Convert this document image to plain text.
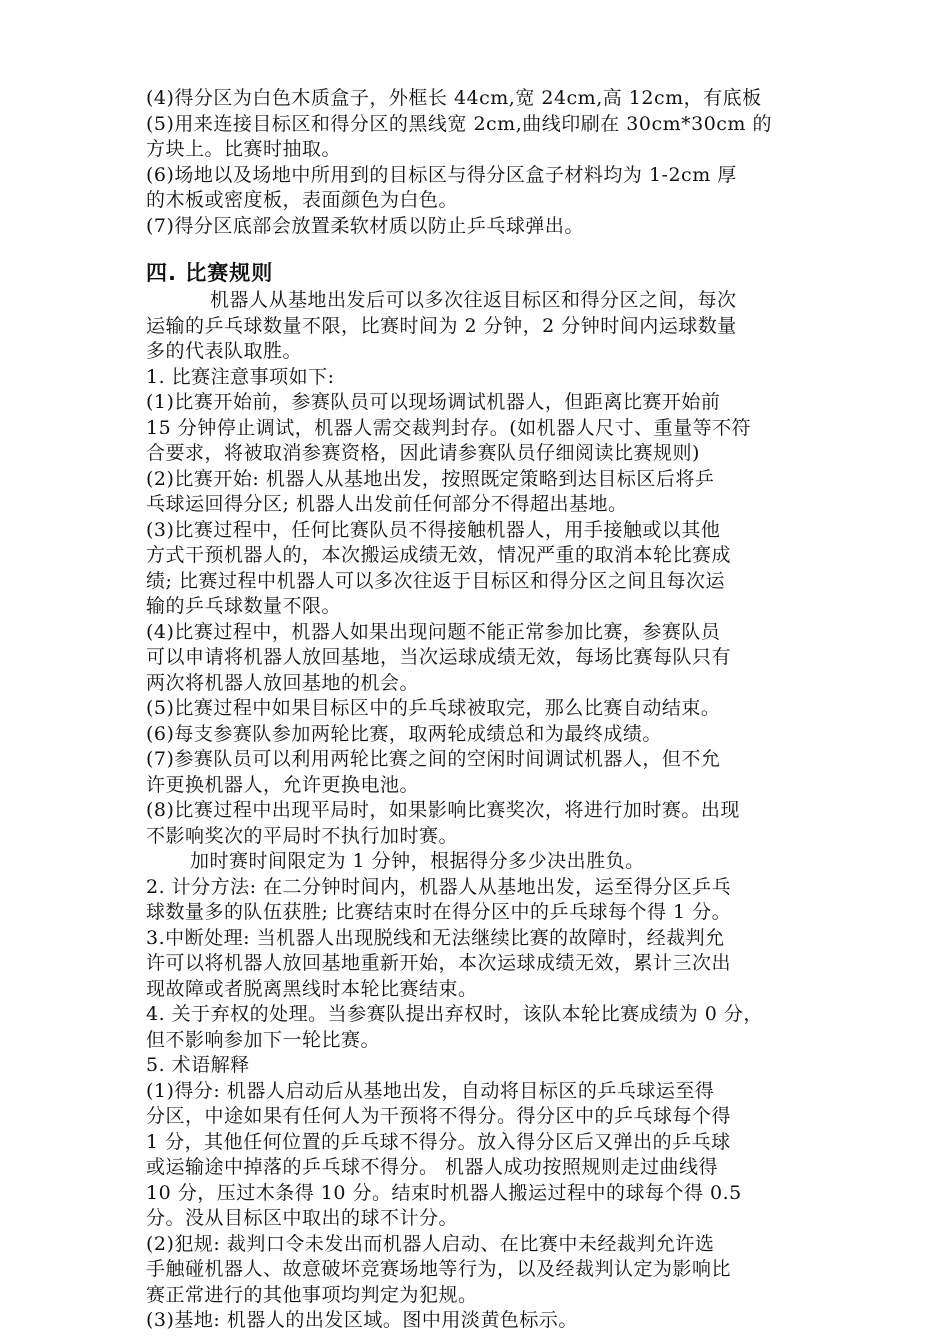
(4)得分区为白色木质盒子，外框长 44cm,宽 24cm,高 12cm，有底板
(5)用来连接目标区和得分区的黑线宽 2cm,曲线印刷在 30cm*30cm 的
方块上。比赛时抽取。
(6)场地以及场地中所用到的目标区与得分区盒子材料均为 1-2cm 厚
的木板或密度板，表面颜色为白色。
(7)得分区底部会放置柔软材质以防止乒乓球弹出。
四. 比赛规则
机器人从基地出发后可以多次往返目标区和得分区之间，每次
运输的乒乓球数量不限，比赛时间为 2 分钟，2 分钟时间内运球数量
多的代表队取胜。
1. 比赛注意事项如下:
(1)比赛开始前，参赛队员可以现场调试机器人，但距离比赛开始前
15 分钟停止调试，机器人需交裁判封存。(如机器人尺寸、重量等不符
合要求，将被取消参赛资格，因此请参赛队员仔细阅读比赛规则)
(2)比赛开始: 机器人从基地出发，按照既定策略到达目标区后将乒
乓球运回得分区; 机器人出发前任何部分不得超出基地。
(3)比赛过程中，任何比赛队员不得接触机器人，用手接触或以其他
方式干预机器人的，本次搬运成绩无效，情况严重的取消本轮比赛成
绩; 比赛过程中机器人可以多次往返于目标区和得分区之间且每次运
输的乒乓球数量不限。
(4)比赛过程中，机器人如果出现问题不能正常参加比赛，参赛队员
可以申请将机器人放回基地，当次运球成绩无效，每场比赛每队只有
两次将机器人放回基地的机会。
(5)比赛过程中如果目标区中的乒乓球被取完，那么比赛自动结束。
(6)每支参赛队参加两轮比赛，取两轮成绩总和为最终成绩。
(7)参赛队员可以利用两轮比赛之间的空闲时间调试机器人，但不允
许更换机器人，允许更换电池。
(8)比赛过程中出现平局时，如果影响比赛奖次，将进行加时赛。出现
不影响奖次的平局时不执行加时赛。
加时赛时间限定为 1 分钟，根据得分多少决出胜负。
2. 计分方法: 在二分钟时间内，机器人从基地出发，运至得分区乒乓
球数量多的队伍获胜; 比赛结束时在得分区中的乒乓球每个得 1 分。
3.中断处理: 当机器人出现脱线和无法继续比赛的故障时，经裁判允
许可以将机器人放回基地重新开始，本次运球成绩无效，累计三次出
现故障或者脱离黑线时本轮比赛结束。
4. 关于弃权的处理。当参赛队提出弃权时，该队本轮比赛成绩为 0 分，
但不影响参加下一轮比赛。
5. 术语解释
(1)得分: 机器人启动后从基地出发，自动将目标区的乒乓球运至得
分区，中途如果有任何人为干预将不得分。得分区中的乒乓球每个得
1 分，其他任何位置的乒乓球不得分。放入得分区后又弹出的乒乓球
或运输途中掉落的乒乓球不得分。 机器人成功按照规则走过曲线得
10 分，压过木条得 10 分。结束时机器人搬运过程中的球每个得 0.5
分。没从目标区中取出的球不计分。
(2)犯规: 裁判口令未发出而机器人启动、在比赛中未经裁判允许选
手触碰机器人、故意破坏竞赛场地等行为，以及经裁判认定为影响比
赛正常进行的其他事项均判定为犯规。
(3)基地: 机器人的出发区域。图中用淡黄色标示。
